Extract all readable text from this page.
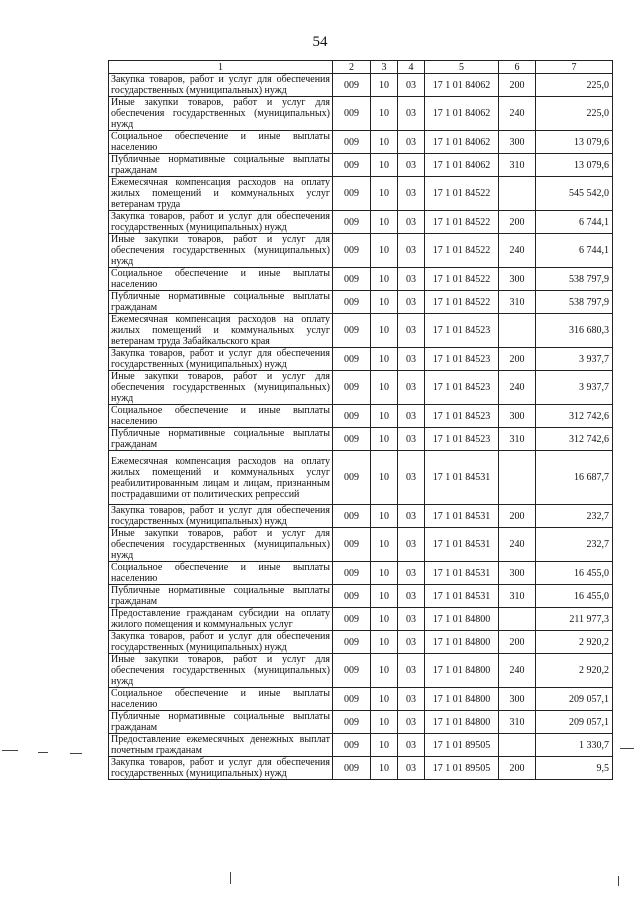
54
1	2	3	4	5	6	7
Закупка товаров, работ и услуг для обеспечения государственных (муниципальных) нужд	009	10	03	17 1 01 84062	200	225,0
Иные закупки товаров, работ и услуг для обеспечения государственных (муниципальных) нужд	009	10	03	17 1 01 84062	240	225,0
Социальное обеспечение и иные выплаты населению	009	10	03	17 1 01 84062	300	13 079,6
Публичные нормативные социальные выплаты гражданам	009	10	03	17 1 01 84062	310	13 079,6
Ежемесячная компенсация расходов на оплату жилых помещений и коммунальных услуг ветеранам труда	009	10	03	17 1 01 84522		545 542,0
Закупка товаров, работ и услуг для обеспечения государственных (муниципальных) нужд	009	10	03	17 1 01 84522	200	6 744,1
Иные закупки товаров, работ и услуг для обеспечения государственных (муниципальных) нужд	009	10	03	17 1 01 84522	240	6 744,1
Социальное обеспечение и иные выплаты населению	009	10	03	17 1 01 84522	300	538 797,9
Публичные нормативные социальные выплаты гражданам	009	10	03	17 1 01 84522	310	538 797,9
Ежемесячная компенсация расходов на оплату жилых помещений и коммунальных услуг ветеранам труда Забайкальского края	009	10	03	17 1 01 84523		316 680,3
Закупка товаров, работ и услуг для обеспечения государственных (муниципальных) нужд	009	10	03	17 1 01 84523	200	3 937,7
Иные закупки товаров, работ и услуг для обеспечения государственных (муниципальных) нужд	009	10	03	17 1 01 84523	240	3 937,7
Социальное обеспечение и иные выплаты населению	009	10	03	17 1 01 84523	300	312 742,6
Публичные нормативные социальные выплаты гражданам	009	10	03	17 1 01 84523	310	312 742,6
Ежемесячная компенсация расходов на оплату жилых помещений и коммунальных услуг реабилитированным лицам и лицам, признанным пострадавшими от политических репрессий	009	10	03	17 1 01 84531		16 687,7
Закупка товаров, работ и услуг для обеспечения государственных (муниципальных) нужд	009	10	03	17 1 01 84531	200	232,7
Иные закупки товаров, работ и услуг для обеспечения государственных (муниципальных) нужд	009	10	03	17 1 01 84531	240	232,7
Социальное обеспечение и иные выплаты населению	009	10	03	17 1 01 84531	300	16 455,0
Публичные нормативные социальные выплаты гражданам	009	10	03	17 1 01 84531	310	16 455,0
Предоставление гражданам субсидии на оплату жилого помещения и коммунальных услуг	009	10	03	17 1 01 84800		211 977,3
Закупка товаров, работ и услуг для обеспечения государственных (муниципальных) нужд	009	10	03	17 1 01 84800	200	2 920,2
Иные закупки товаров, работ и услуг для обеспечения государственных (муниципальных) нужд	009	10	03	17 1 01 84800	240	2 920,2
Социальное обеспечение и иные выплаты населению	009	10	03	17 1 01 84800	300	209 057,1
Публичные нормативные социальные выплаты гражданам	009	10	03	17 1 01 84800	310	209 057,1
Предоставление ежемесячных денежных выплат почетным гражданам	009	10	03	17 1 01 89505		1 330,7
Закупка товаров, работ и услуг для обеспечения государственных (муниципальных) нужд	009	10	03	17 1 01 89505	200	9,5
